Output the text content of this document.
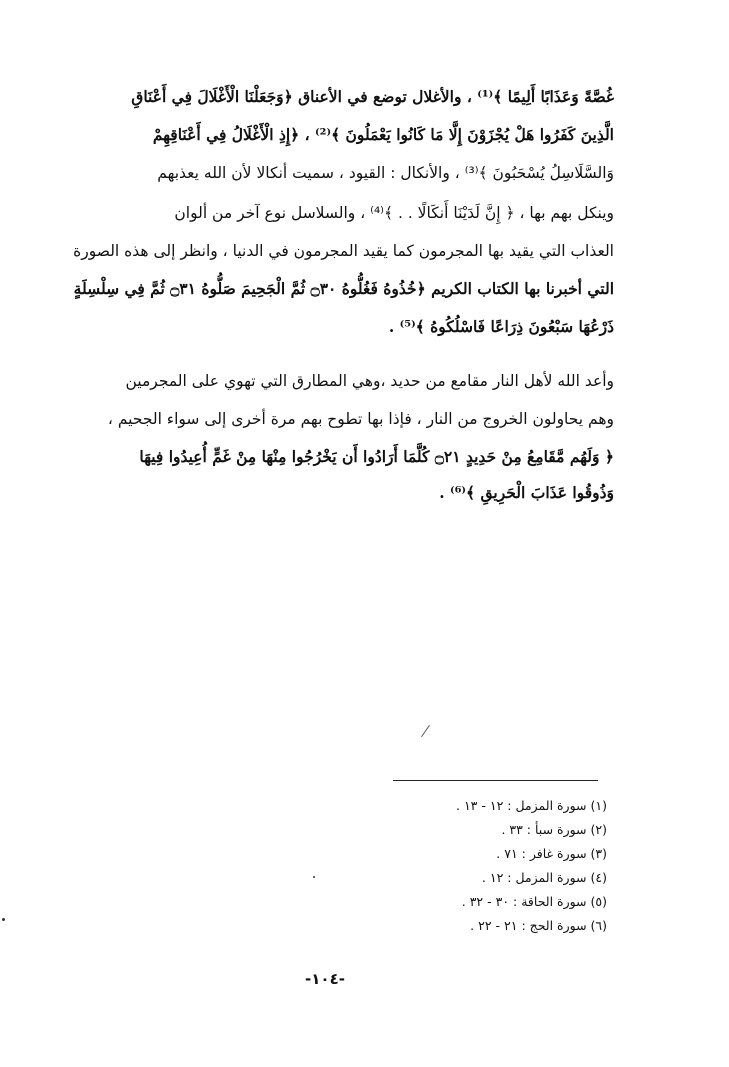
غُصَّةً وَعَذَابًا أَلِيمًا ﴾⁽¹⁾ ، والأغلال توضع في الأعناق ﴿وَجَعَلْنَا الْأَغْلَالَ فِي أَعْنَاقِ
الَّذِينَ كَفَرُوا هَلْ يُجْزَوْنَ إِلَّا مَا كَانُوا يَعْمَلُونَ ﴾⁽²⁾ ، ﴿إِذِ الْأَغْلَالُ فِي أَعْنَاقِهِمْ
وَالسَّلَاسِلُ يُسْحَبُونَ ﴾⁽³⁾ ، والأنكال : القيود ، سميت أنكالا لأن الله يعذبهم
وينكل بهم بها ، ﴿ إِنَّ لَدَيْنَا أَنكَالًا . . ﴾⁽⁴⁾ ، والسلاسل نوع آخر من ألوان
العذاب التي يقيد بها المجرمون كما يقيد المجرمون في الدنيا ، وانظر إلى هذه الصورة
التي أخبرنا بها الكتاب الكريم ﴿خُذُوهُ فَغُلُّوهُ ۝٣٠ ثُمَّ الْجَحِيمَ صَلُّوهُ ۝٣١ ثُمَّ فِي سِلْسِلَةٍ
ذَرْعُهَا سَبْعُونَ ذِرَاعًا فَاسْلُكُوهُ ﴾⁽⁵⁾ .
وأعد الله لأهل النار مقامع من حديد ،وهي المطارق التي تهوي على المجرمين
وهم يحاولون الخروج من النار ، فإذا بها تطوح بهم مرة أخرى إلى سواء الجحيم ،
﴿ وَلَهُم مَّقَامِعُ مِنْ حَدِيدٍ ۝٢١ كُلَّمَا أَرَادُوا أَن يَخْرُجُوا مِنْهَا مِنْ غَمٍّ أُعِيدُوا فِيهَا
وَذُوقُوا عَذَابَ الْحَرِيقِ ﴾⁽⁶⁾ .
(١) سورة المزمل : ١٢ - ١٣ .
(٢) سورة سبأ : ٣٣ .
(٣) سورة غافر : ٧١ .
(٤) سورة المزمل : ١٢ .
(٥) سورة الحاقة : ٣٠ - ٣٢ .
(٦) سورة الحج : ٢١ - ٢٢ .
-١٠٤-
